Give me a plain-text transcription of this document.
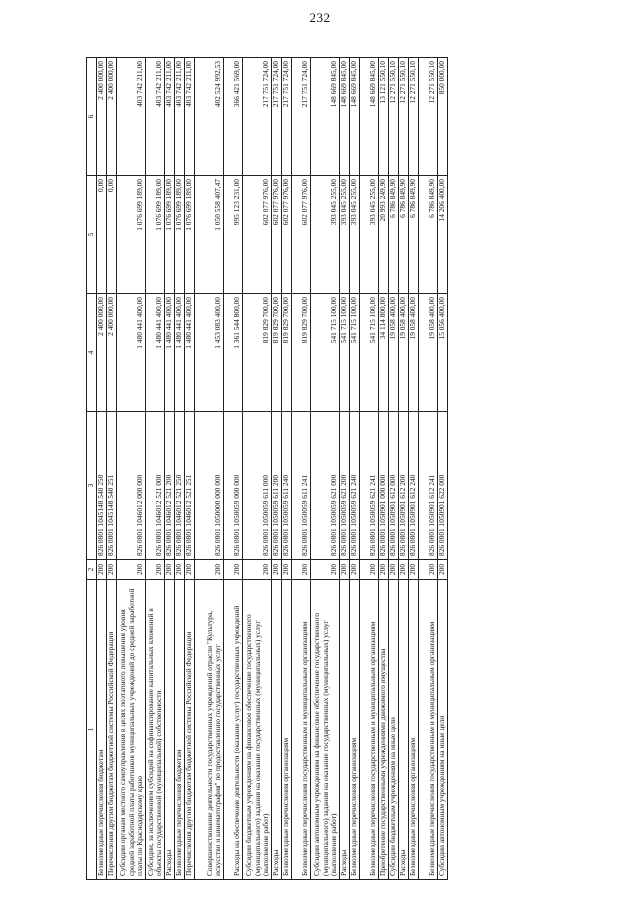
232
1	2	3	4	5	6
Безвозмездные перечисления бюджетам	200	826 0801 1045148 540 250	2 400 000,00	0,00	2 400 000,00
Перечисления другим бюджетам бюджетной системы Российской Федерации	200	826 0801 1045148 540 251	2 400 000,00	0,00	2 400 000,00
Субсидии органам местного самоуправления в целях поэтапного повышения уровня средней заработной платы работников муниципальных учреждений до средней заработной платы по Краснодарскому краю	200	826 0801 1046012 000 000	1 480 441 400,00	1 076 699 189,00	403 742 211,00
Субсидии, за исключением субсидий на софинансирование капитальных вложений в объекты государственной (муниципальной) собственности	200	826 0801 1046012 521 000	1 480 441 400,00	1 076 699 189,00	403 742 211,00
Расходы	200	826 0801 1046012 521 200	1 480 441 400,00	1 076 699 189,00	403 742 211,00
Безвозмездные перечисления бюджетам	200	826 0801 1046012 521 250	1 480 441 400,00	1 076 699 189,00	403 742 211,00
Перечисления другим бюджетам бюджетной системы Российской Федерации	200	826 0801 1046012 521 251	1 480 441 400,00	1 076 699 189,00	403 742 211,00
Совершенствование деятельности государственных учреждений отрасли "Культура, искусство и кинематография" по предоставлению государственных услуг	200	826 0801 1050000 000 000	1 453 083 400,00	1 050 558 407,47	402 524 992,53
Расходы на обеспечение деятельности (оказание услуг) государственных учреждений	200	826 0801 1050059 000 000	1 361 544 800,00	995 123 231,00	366 421 569,00
Субсидии бюджетным учреждениям на финансовое обеспечение государственного (муниципального) задания на оказание государственных (муниципальных) услуг (выполнение работ)	200	826 0801 1050059 611 000	819 829 700,00	602 077 976,00	217 751 724,00
Расходы	200	826 0801 1050059 611 200	819 829 700,00	602 077 976,00	217 751 724,00
Безвозмездные перечисления организациям	200	826 0801 1050059 611 240	819 829 700,00	602 077 976,00	217 751 724,00
Безвозмездные перечисления государственным и муниципальным организациям	200	826 0801 1050059 611 241	819 829 700,00	602 077 976,00	217 751 724,00
Субсидии автономным учреждениям на финансовое обеспечение государственного (муниципального) задания на оказание государственных (муниципальных) услуг (выполнение работ)	200	826 0801 1050059 621 000	541 715 100,00	393 045 255,00	148 669 845,00
Расходы	200	826 0801 1050059 621 200	541 715 100,00	393 045 255,00	148 669 845,00
Безвозмездные перечисления организациям	200	826 0801 1050059 621 240	541 715 100,00	393 045 255,00	148 669 845,00
Безвозмездные перечисления государственным и муниципальным организациям	200	826 0801 1050059 621 241	541 715 100,00	393 045 255,00	148 669 845,00
Приобретение государственными учреждениями движимого имущества	200	826 0801 1050901 000 000	34 114 800,00	20 993 249,90	13 121 550,10
Субсидии бюджетным учреждениям на иные цели	200	826 0801 1050901 612 000	19 058 400,00	6 786 849,90	12 271 550,10
Расходы	200	826 0801 1050901 612 200	19 058 400,00	6 786 849,90	12 271 550,10
Безвозмездные перечисления организациям	200	826 0801 1050901 612 240	19 058 400,00	6 786 849,90	12 271 550,10
Безвозмездные перечисления государственным и муниципальным организациям	200	826 0801 1050901 612 241	19 058 400,00	6 786 849,90	12 271 550,10
Субсидии автономным учреждениям на иные цели	200	826 0801 1050901 622 000	15 056 400,00	14 206 400,00	850 000,00
